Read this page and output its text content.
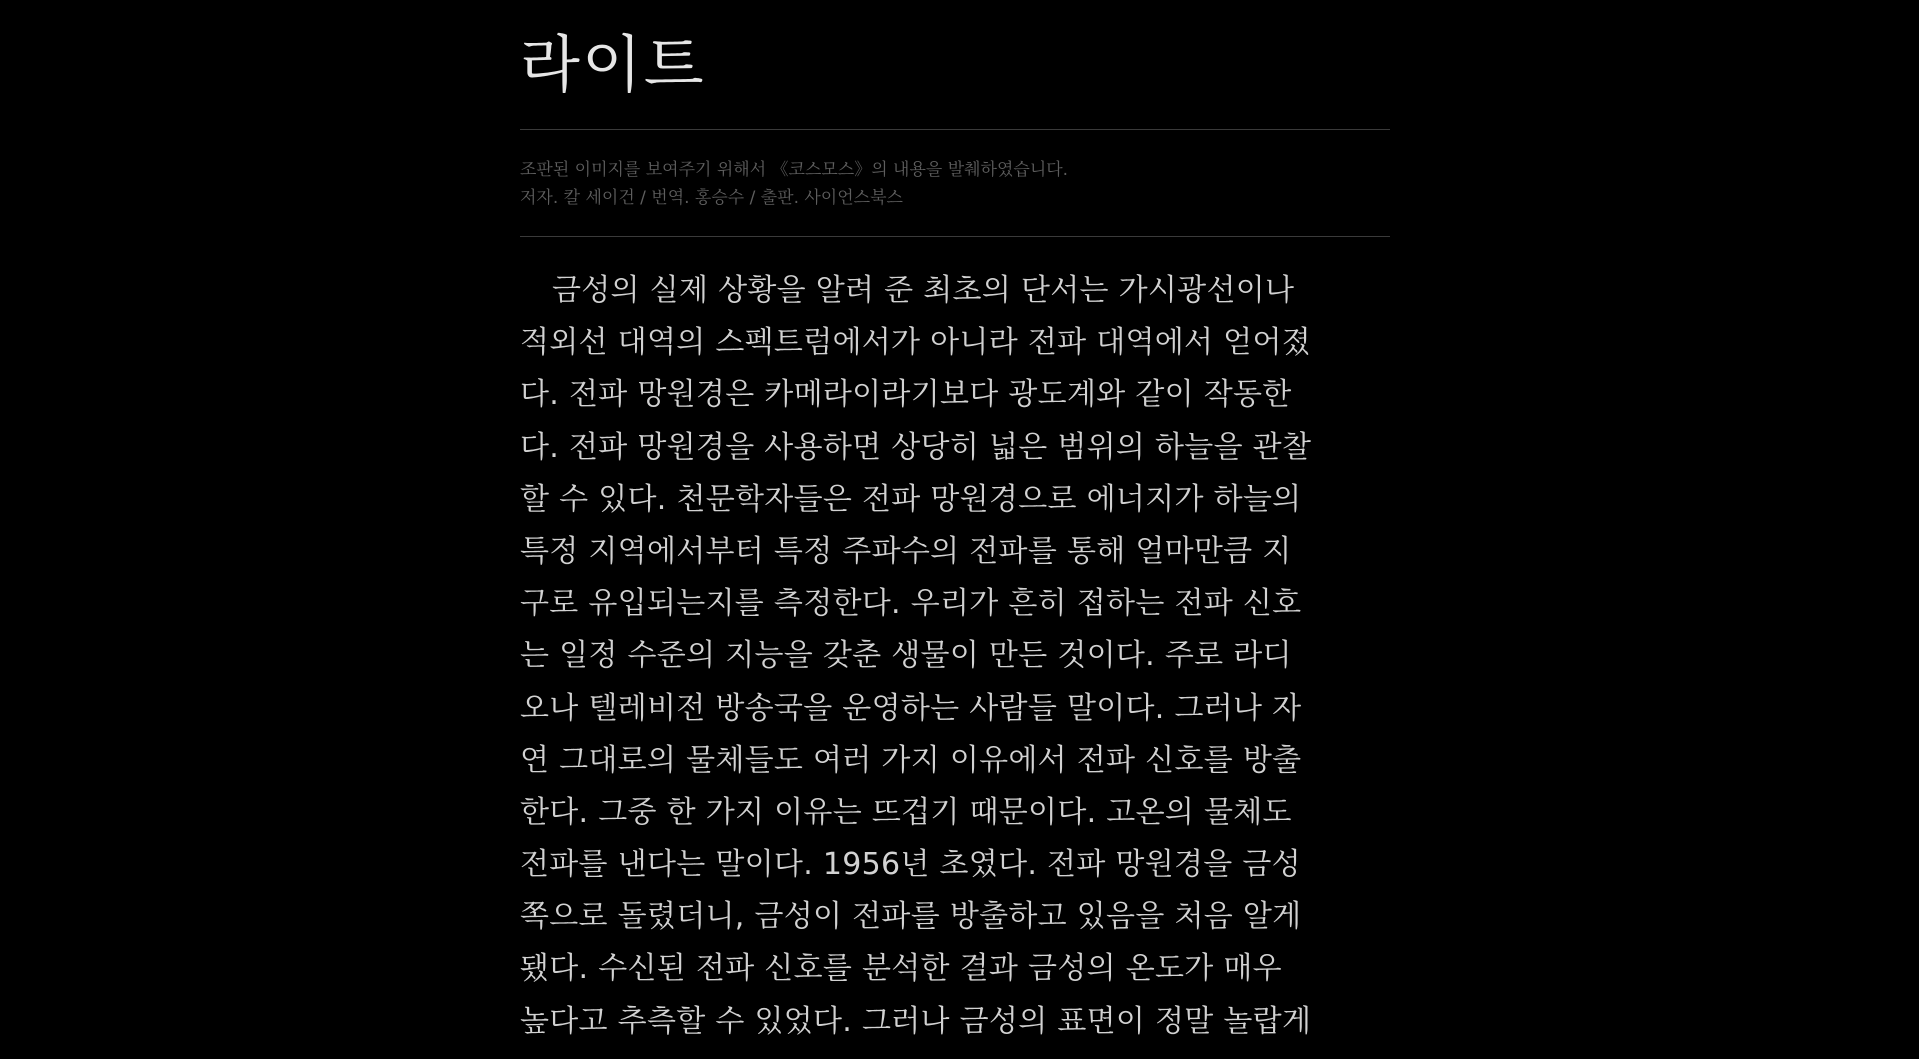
라이트
조판된 이미지를 보여주기 위해서 《코스모스》의 내용을 발췌하였습니다.
저자. 칼 세이건 / 번역. 홍승수 / 출판. 사이언스북스
금성의 실제 상황을 알려 준 최초의 단서는 가시광선이나
적외선 대역의 스펙트럼에서가 아니라 전파 대역에서 얻어졌
다. 전파 망원경은 카메라이라기보다 광도계와 같이 작동한
다. 전파 망원경을 사용하면 상당히 넓은 범위의 하늘을 관찰
할 수 있다. 천문학자들은 전파 망원경으로 에너지가 하늘의
특정 지역에서부터 특정 주파수의 전파를 통해 얼마만큼 지
구로 유입되는지를 측정한다. 우리가 흔히 접하는 전파 신호
는 일정 수준의 지능을 갖춘 생물이 만든 것이다. 주로 라디
오나 텔레비전 방송국을 운영하는 사람들 말이다. 그러나 자
연 그대로의 물체들도 여러 가지 이유에서 전파 신호를 방출
한다. 그중 한 가지 이유는 뜨겁기 때문이다. 고온의 물체도
전파를 낸다는 말이다. 1956년 초였다. 전파 망원경을 금성
쪽으로 돌렸더니, 금성이 전파를 방출하고 있음을 처음 알게
됐다. 수신된 전파 신호를 분석한 결과 금성의 온도가 매우
높다고 추측할 수 있었다. 그러나 금성의 표면이 정말 놀랍게
